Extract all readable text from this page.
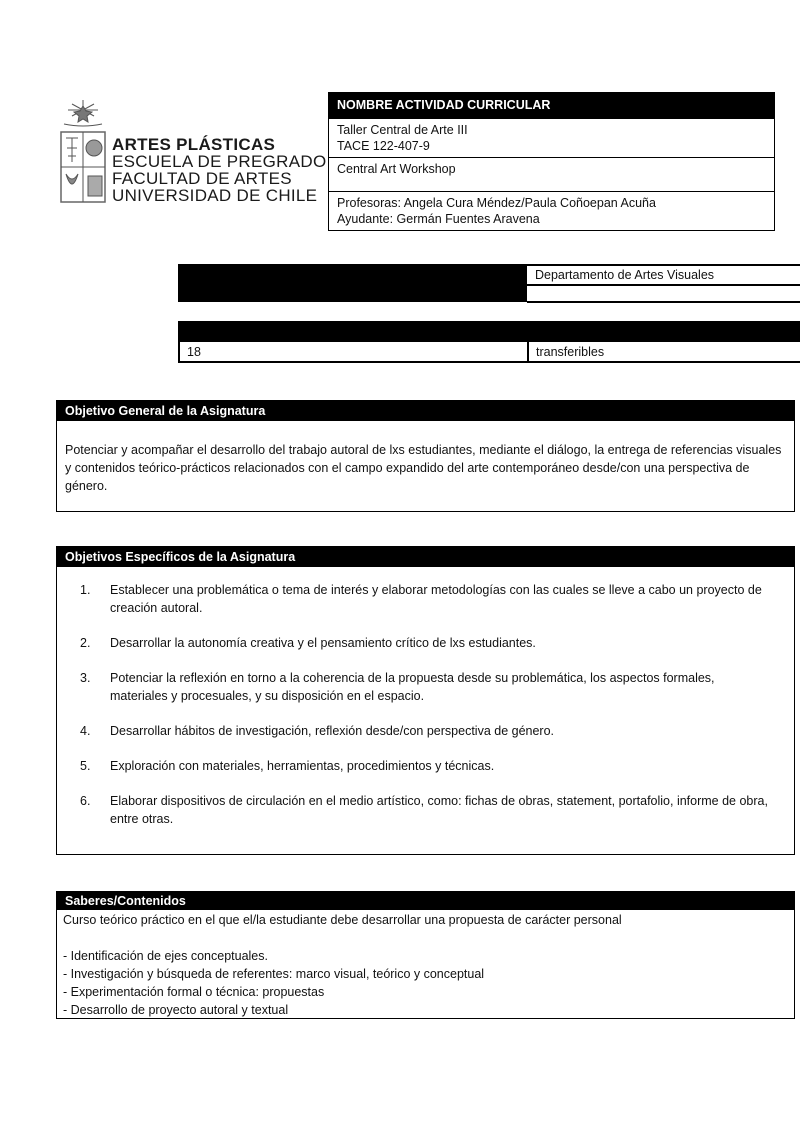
ARTES PLÁSTICAS
ESCUELA DE PREGRADO
FACULTAD DE ARTES
UNIVERSIDAD DE CHILE
NOMBRE ACTIVIDAD CURRICULAR
Taller Central de Arte III
TACE 122-407-9
Central Art Workshop
Profesoras: Angela Cura Méndez/Paula Coñoepan Acuña
Ayudante: Germán Fuentes Aravena
Departamento de Artes Visuales
18	transferibles
Objetivo General de la Asignatura
Potenciar y acompañar el desarrollo del trabajo autoral de lxs estudiantes, mediante el diálogo, la entrega de referencias visuales y contenidos teórico-prácticos relacionados con el campo expandido del arte contemporáneo desde/con una perspectiva de género.
Objetivos Específicos de la Asignatura
1. Establecer una problemática o tema de interés y elaborar metodologías con las cuales se lleve a cabo un proyecto de creación autoral.
2. Desarrollar la autonomía creativa y el pensamiento crítico de lxs estudiantes.
3. Potenciar la reflexión en torno a la coherencia de la propuesta desde su problemática, los aspectos formales, materiales y procesuales, y su disposición en el espacio.
4. Desarrollar hábitos de investigación, reflexión desde/con perspectiva de género.
5. Exploración con materiales, herramientas, procedimientos y técnicas.
6. Elaborar dispositivos de circulación en el medio artístico, como: fichas de obras, statement, portafolio, informe de obra, entre otras.
Saberes/Contenidos
Curso teórico práctico en el que el/la estudiante debe desarrollar una propuesta de carácter personal
- Identificación de ejes conceptuales.
- Investigación y búsqueda de referentes: marco visual, teórico y conceptual
- Experimentación formal o técnica: propuestas
- Desarrollo de proyecto autoral y textual
